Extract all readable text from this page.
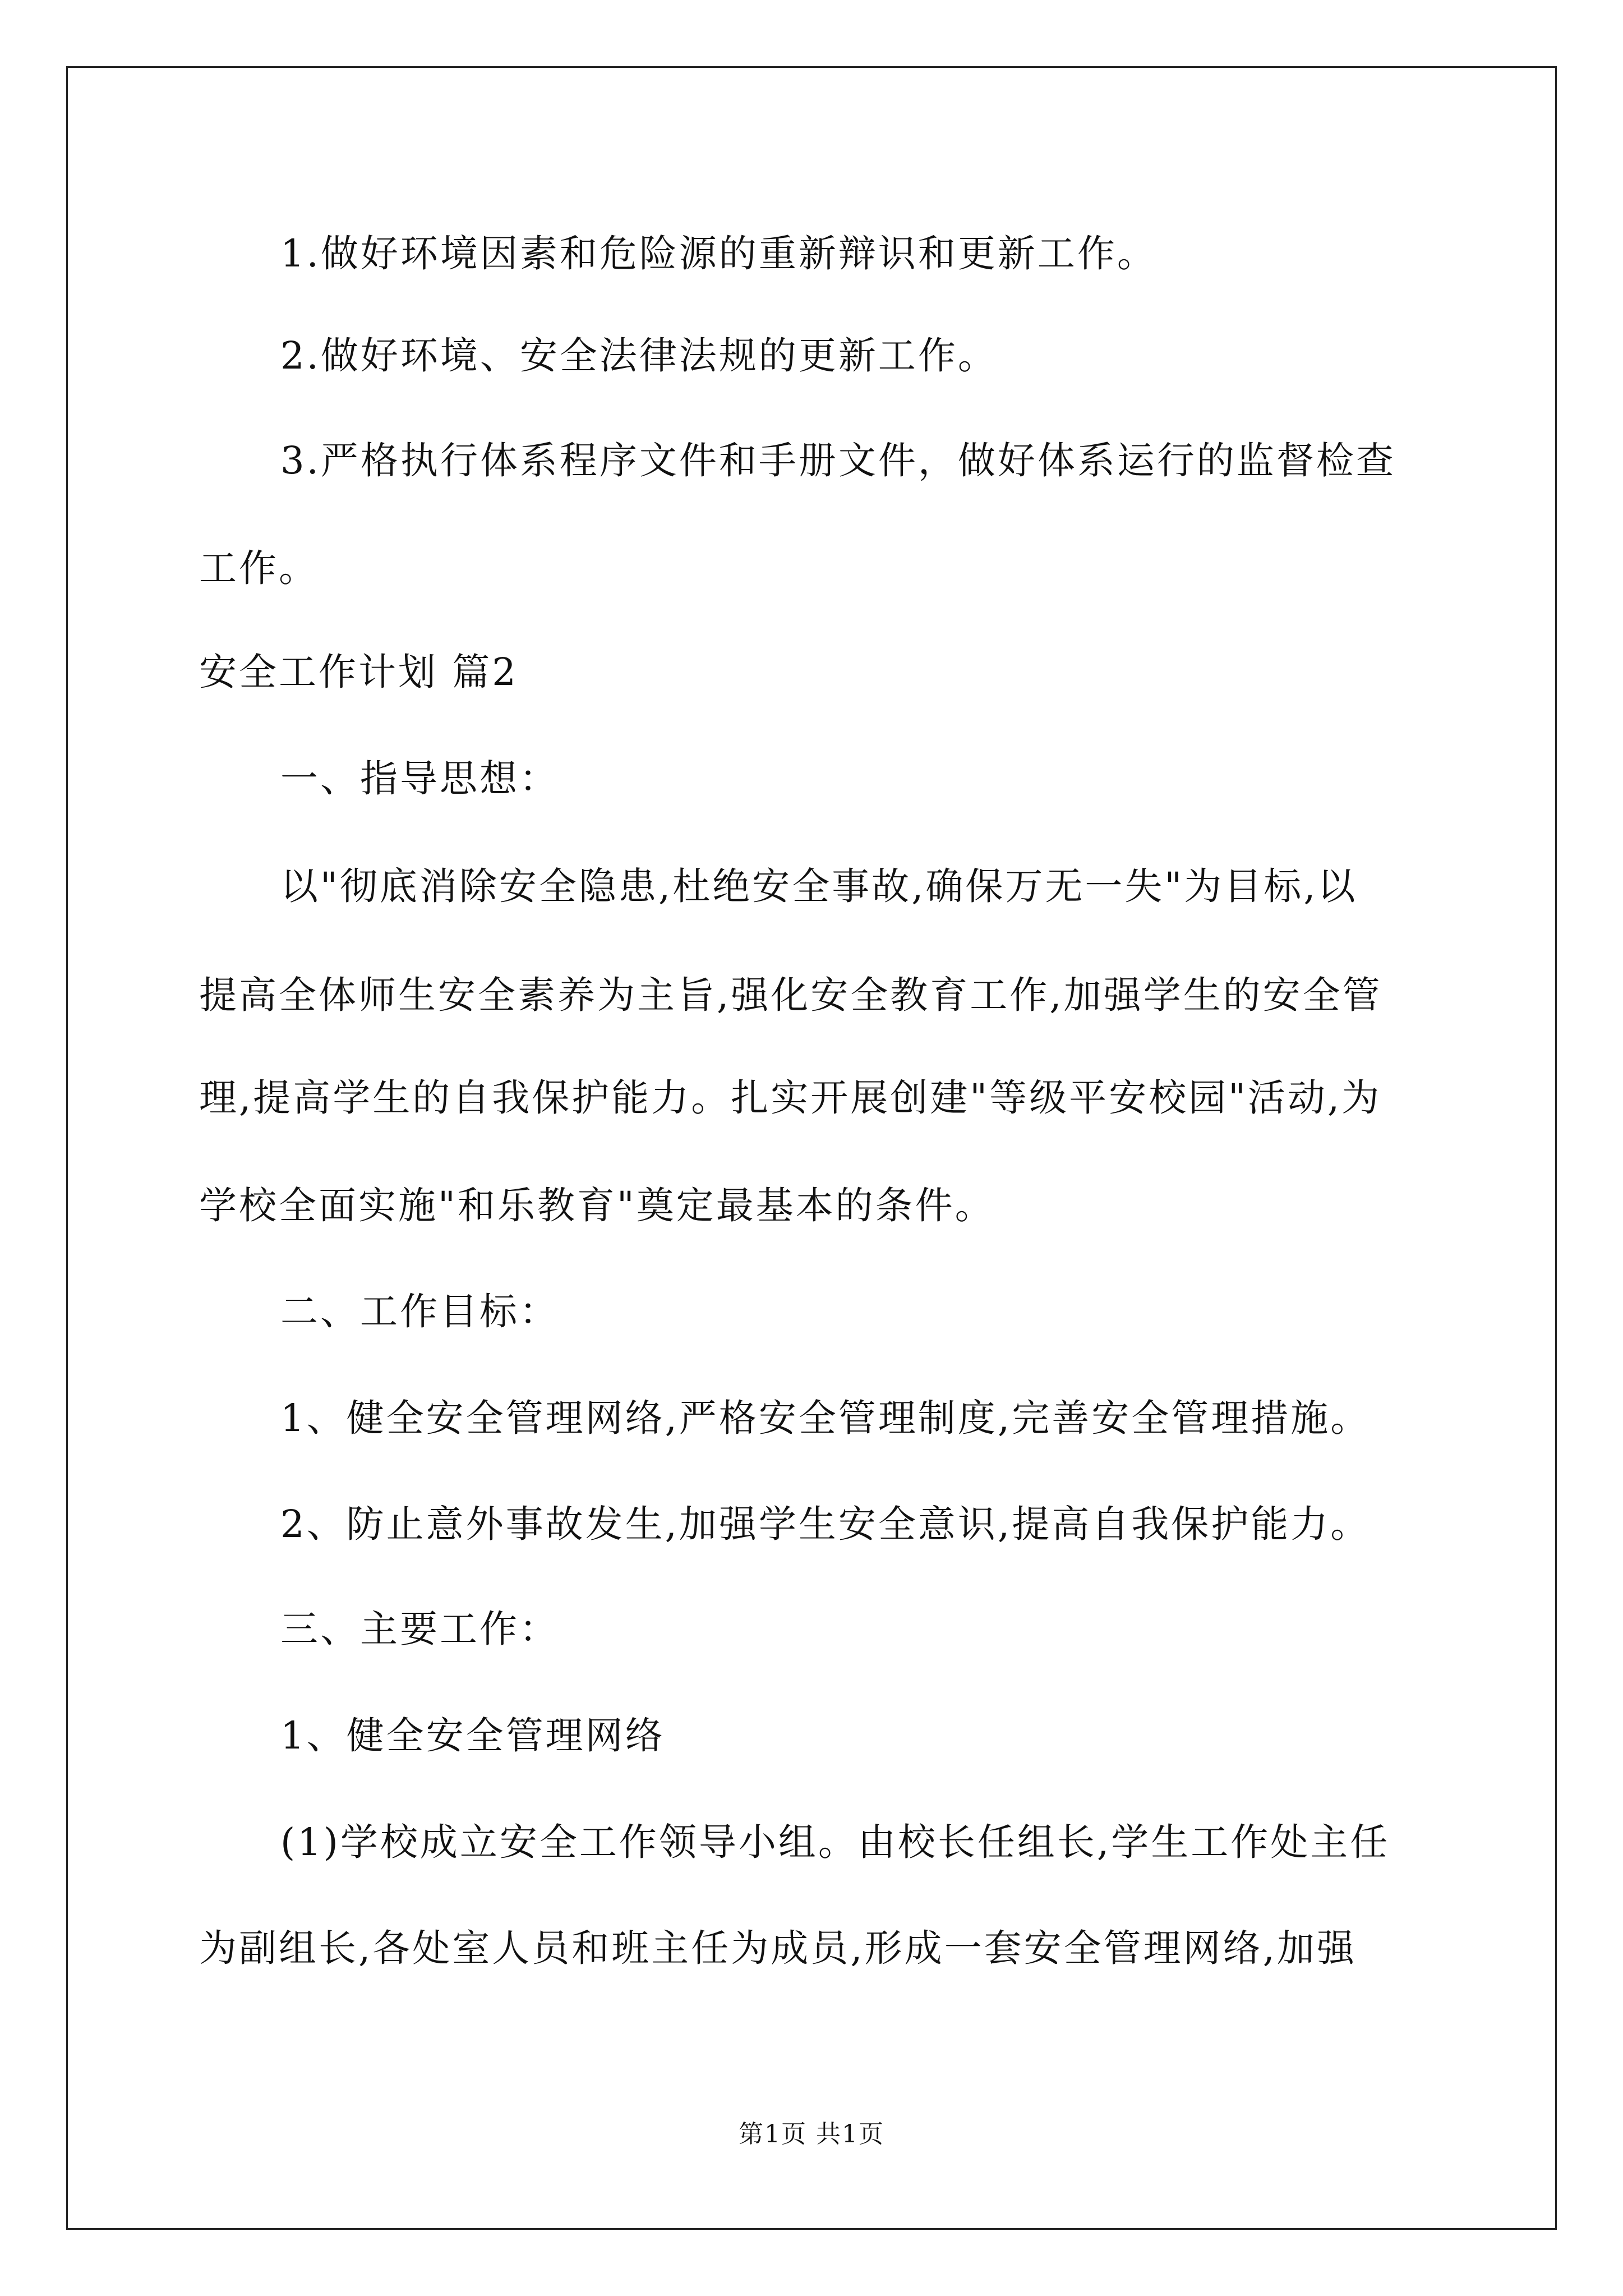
1.做好环境因素和危险源的重新辩识和更新工作。
2.做好环境、安全法律法规的更新工作。
3.严格执行体系程序文件和手册文件，做好体系运行的监督检查
工作。
安全工作计划 篇2
一、指导思想：
以"彻底消除安全隐患,杜绝安全事故,确保万无一失"为目标,以
提高全体师生安全素养为主旨,强化安全教育工作,加强学生的安全管
理,提高学生的自我保护能力。扎实开展创建"等级平安校园"活动,为
学校全面实施"和乐教育"奠定最基本的条件。
二、工作目标：
1、健全安全管理网络,严格安全管理制度,完善安全管理措施。
2、防止意外事故发生,加强学生安全意识,提高自我保护能力。
三、主要工作：
1、健全安全管理网络
(1)学校成立安全工作领导小组。由校长任组长,学生工作处主任
为副组长,各处室人员和班主任为成员,形成一套安全管理网络,加强
第1页 共1页
